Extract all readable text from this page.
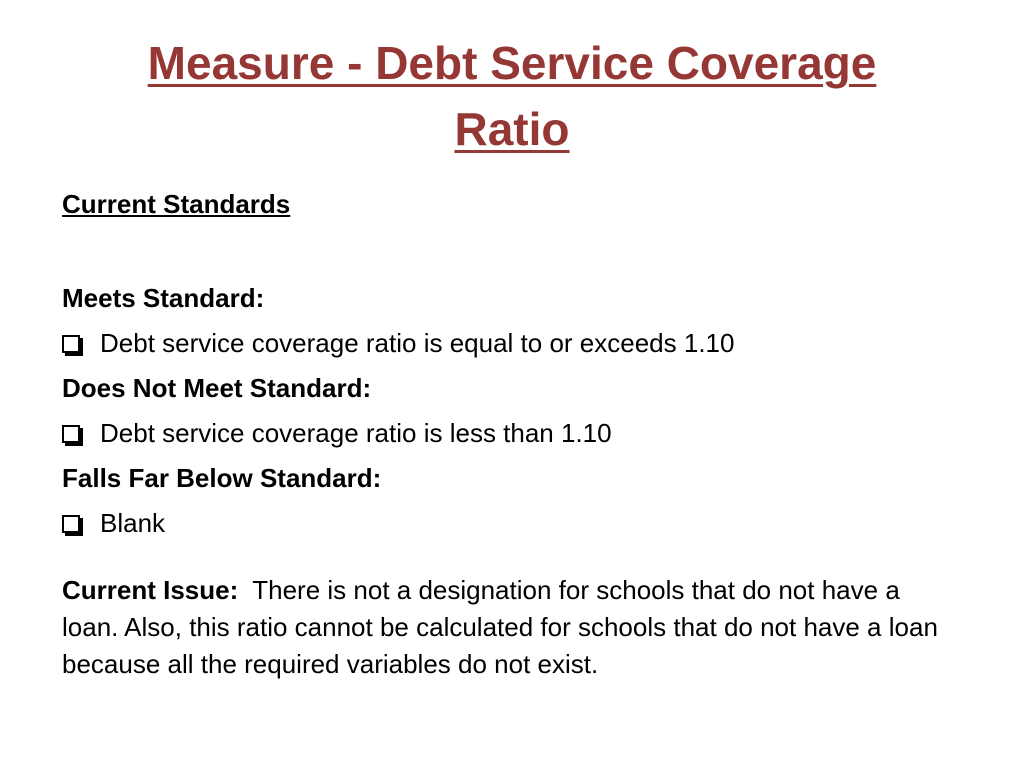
Measure - Debt Service Coverage
Ratio
Current Standards
Meets Standard:
Debt service coverage ratio is equal to or exceeds 1.10
Does Not Meet Standard:
Debt service coverage ratio is less than 1.10
Falls Far Below Standard:
Blank
Current Issue: There is not a designation for schools that do not have a loan. Also, this ratio cannot be calculated for schools that do not have a loan because all the required variables do not exist.
